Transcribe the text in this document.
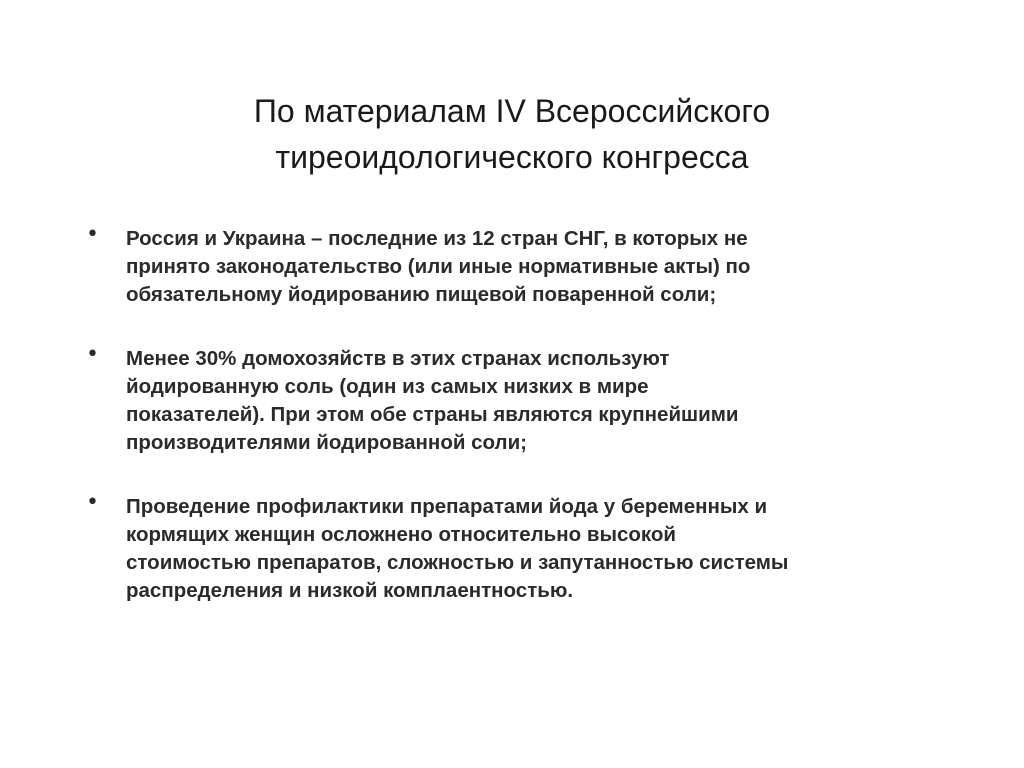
По материалам IV Всероссийского
тиреоидологического конгресса
• Россия и Украина – последние из 12 стран СНГ, в которых не
принято законодательство (или иные нормативные акты) по
обязательному йодированию пищевой поваренной соли;
• Менее 30% домохозяйств в этих странах используют
йодированную соль (один из самых низких в мире
показателей). При этом обе страны являются крупнейшими
производителями йодированной соли;
• Проведение профилактики препаратами йода у беременных и
кормящих женщин осложнено относительно высокой
стоимостью препаратов, сложностью и запутанностью системы
распределения и низкой комплаентностью.
